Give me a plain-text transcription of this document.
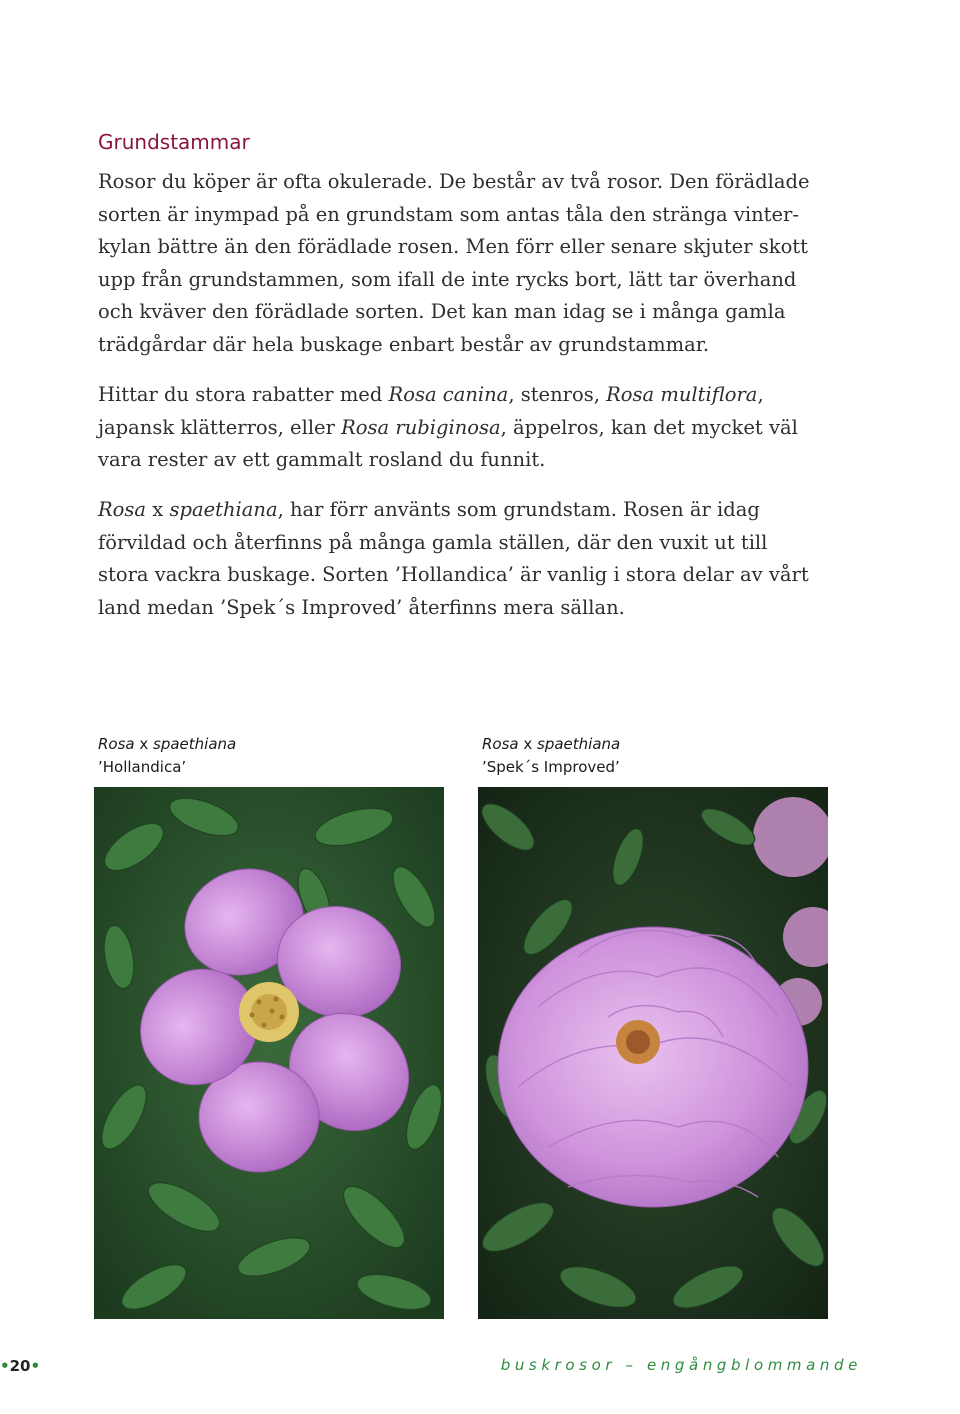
Grundstammar

Rosor du köper är ofta okulerade. De består av två rosor. Den förädlade
sorten är inympad på en grundstam som antas tåla den stränga vinter-
kylan bättre än den förädlade rosen. Men förr eller senare skjuter skott
upp från grundstammen, som ifall de inte rycks bort, lätt tar överhand
och kväver den förädlade sorten. Det kan man idag se i många gamla
trädgårdar där hela buskage enbart består av grundstammar.

Hittar du stora rabatter med Rosa canina, stenros, Rosa multiflora,
japansk klätterros, eller Rosa rubiginosa, äppelros, kan det mycket väl
vara rester av ett gammalt rosland du funnit.

Rosa x spaethiana, har förr använts som grundstam. Rosen är idag
förvildad och återfinns på många gamla ställen, där den vuxit ut till
stora vackra buskage. Sorten ’Hollandica’ är vanlig i stora delar av vårt
land medan ’Spek´s Improved’ återfinns mera sällan.

Rosa x spaethiana
’Hollandica’
Rosa x spaethiana
’Spek´s Improved’
•20•	buskrosor – engångblommande
